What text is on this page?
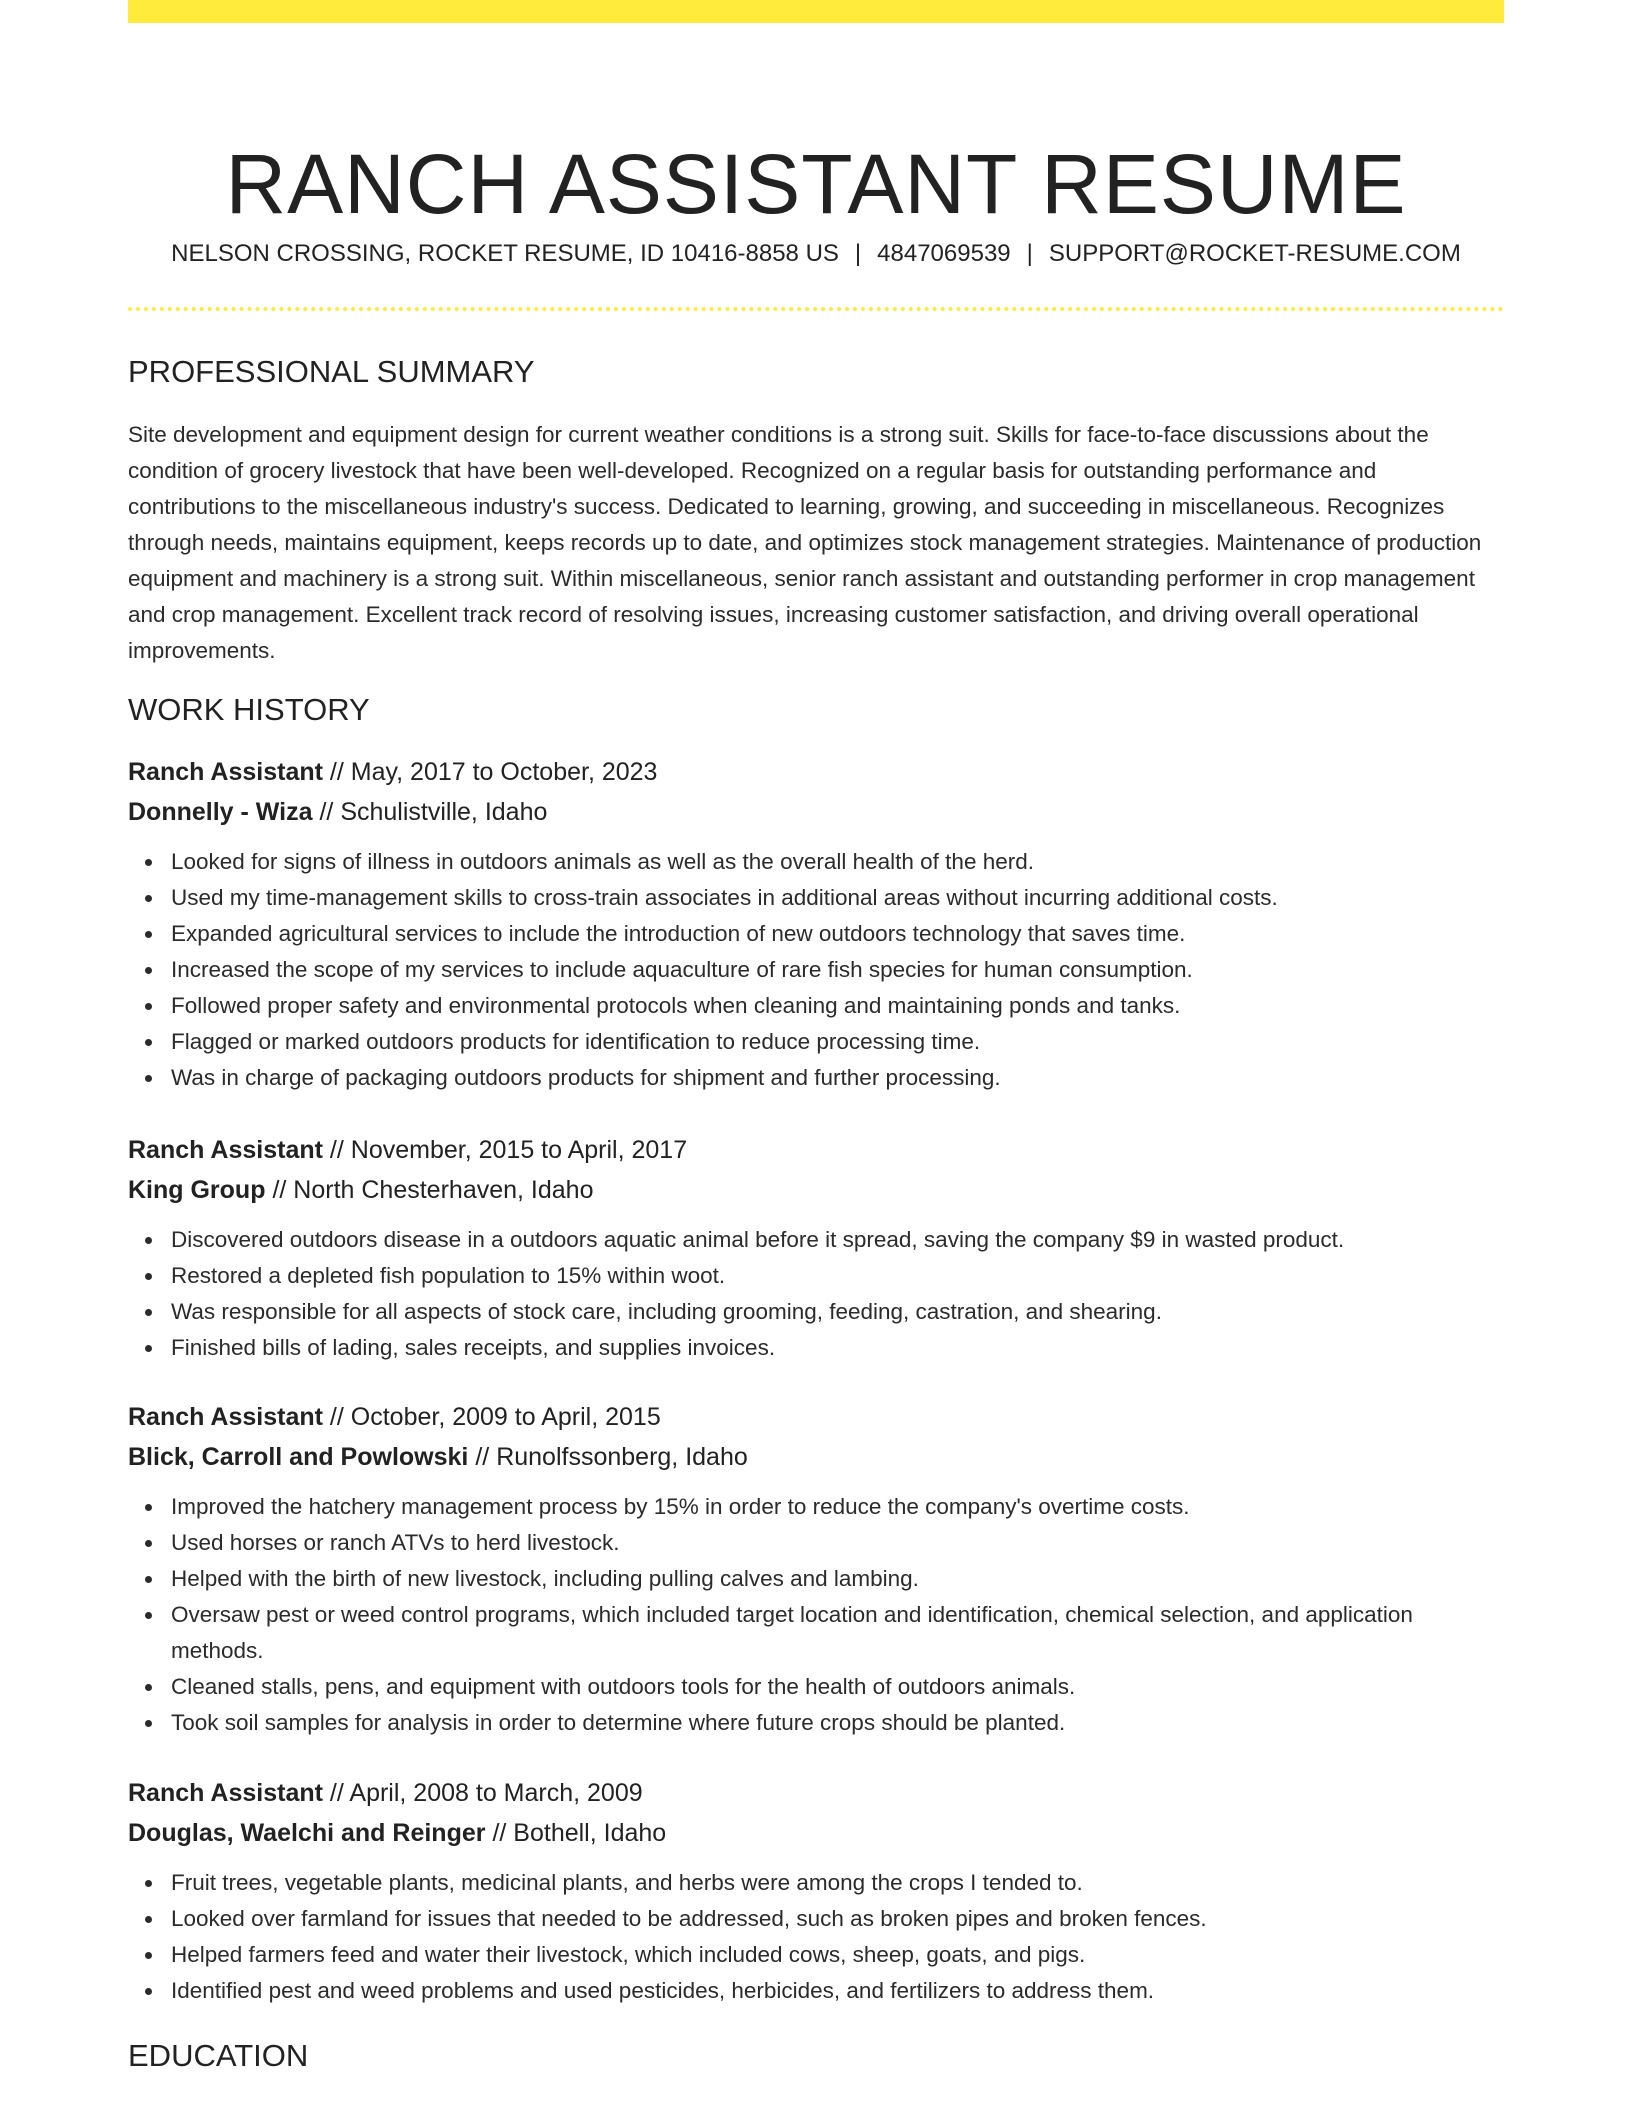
RANCH ASSISTANT RESUME
NELSON CROSSING, ROCKET RESUME, ID 10416-8858 US | 4847069539 | SUPPORT@ROCKET-RESUME.COM
PROFESSIONAL SUMMARY

Site development and equipment design for current weather conditions is a strong suit. Skills for face-to-face discussions about the condition of grocery livestock that have been well-developed. Recognized on a regular basis for outstanding performance and contributions to the miscellaneous industry's success. Dedicated to learning, growing, and succeeding in miscellaneous. Recognizes through needs, maintains equipment, keeps records up to date, and optimizes stock management strategies. Maintenance of production equipment and machinery is a strong suit. Within miscellaneous, senior ranch assistant and outstanding performer in crop management and crop management. Excellent track record of resolving issues, increasing customer satisfaction, and driving overall operational improvements.

WORK HISTORY
Ranch Assistant // May, 2017 to October, 2023
Donnelly - Wiza // Schulistville, Idaho
Looked for signs of illness in outdoors animals as well as the overall health of the herd.
Used my time-management skills to cross-train associates in additional areas without incurring additional costs.
Expanded agricultural services to include the introduction of new outdoors technology that saves time.
Increased the scope of my services to include aquaculture of rare fish species for human consumption.
Followed proper safety and environmental protocols when cleaning and maintaining ponds and tanks.
Flagged or marked outdoors products for identification to reduce processing time.
Was in charge of packaging outdoors products for shipment and further processing.
Ranch Assistant // November, 2015 to April, 2017
King Group // North Chesterhaven, Idaho
Discovered outdoors disease in a outdoors aquatic animal before it spread, saving the company $9 in wasted product.
Restored a depleted fish population to 15% within woot.
Was responsible for all aspects of stock care, including grooming, feeding, castration, and shearing.
Finished bills of lading, sales receipts, and supplies invoices.
Ranch Assistant // October, 2009 to April, 2015
Blick, Carroll and Powlowski // Runolfssonberg, Idaho
Improved the hatchery management process by 15% in order to reduce the company's overtime costs.
Used horses or ranch ATVs to herd livestock.
Helped with the birth of new livestock, including pulling calves and lambing.
Oversaw pest or weed control programs, which included target location and identification, chemical selection, and application methods.
Cleaned stalls, pens, and equipment with outdoors tools for the health of outdoors animals.
Took soil samples for analysis in order to determine where future crops should be planted.
Ranch Assistant // April, 2008 to March, 2009
Douglas, Waelchi and Reinger // Bothell, Idaho
Fruit trees, vegetable plants, medicinal plants, and herbs were among the crops I tended to.
Looked over farmland for issues that needed to be addressed, such as broken pipes and broken fences.
Helped farmers feed and water their livestock, which included cows, sheep, goats, and pigs.
Identified pest and weed problems and used pesticides, herbicides, and fertilizers to address them.
EDUCATION
